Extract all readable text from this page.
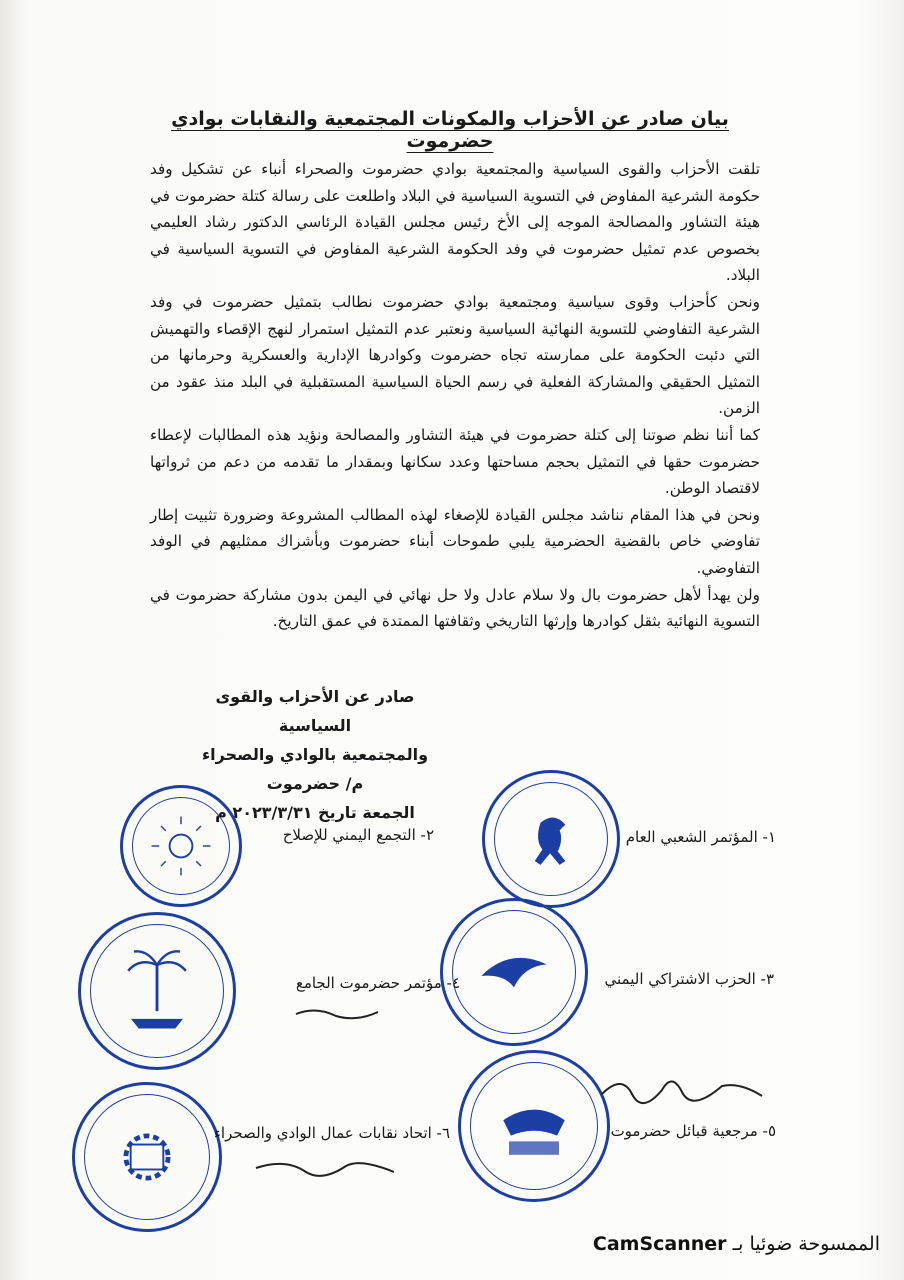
بيان صادر عن الأحزاب والمكونات المجتمعية والنقابات بوادي حضرموت

تلقت الأحزاب والقوى السياسية والمجتمعية بوادي حضرموت والصحراء أنباء عن تشكيل وفد حكومة الشرعية المفاوض في التسوية السياسية في البلاد واطلعت على رسالة كتلة حضرموت في هيئة التشاور والمصالحة الموجه إلى الأخ رئيس مجلس القيادة الرئاسي الدكتور رشاد العليمي بخصوص عدم تمثيل حضرموت في وفد الحكومة الشرعية المفاوض في التسوية السياسية في البلاد.

ونحن كأحزاب وقوى سياسية ومجتمعية بوادي حضرموت نطالب بتمثيل حضرموت في وفد الشرعية التفاوضي للتسوية النهائية السياسية ونعتبر عدم التمثيل استمرار لنهج الإقصاء والتهميش التي دئبت الحكومة على ممارسته تجاه حضرموت وكوادرها الإدارية والعسكرية وحرمانها من التمثيل الحقيقي والمشاركة الفعلية في رسم الحياة السياسية المستقبلية في البلد منذ عقود من الزمن.

كما أننا نظم صوتنا إلى كتلة حضرموت في هيئة التشاور والمصالحة ونؤيد هذه المطالبات لإعطاء حضرموت حقها في التمثيل بحجم مساحتها وعدد سكانها وبمقدار ما تقدمه من دعم من ثرواتها لاقتصاد الوطن.

ونحن في هذا المقام نناشد مجلس القيادة للإصغاء لهذه المطالب المشروعة وضرورة تثبيت إطار تفاوضي خاص بالقضية الحضرمية يلبي طموحات أبناء حضرموت وبأشراك ممثليهم في الوفد التفاوضي.

ولن يهدأ لأهل حضرموت بال ولا سلام عادل ولا حل نهائي في اليمن بدون مشاركة حضرموت في التسوية النهائية بثقل كوادرها وإرثها التاريخي وثقافتها الممتدة في عمق التاريخ.

صادر عن الأحزاب والقوى السياسية
والمجتمعية بالوادي والصحراء
م/ حضرموت
الجمعة تاريخ ٢٠٢٣/٣/٣١ م
١- المؤتمر الشعبي العام
٢- التجمع اليمني للإصلاح
٣- الحزب الاشتراكي اليمني
٤- مؤتمر حضرموت الجامع
٥- مرجعية قبائل حضرموت
٦- اتحاد نقابات عمال الوادي والصحراء
الممسوحة ضوئيا بـ CamScanner
